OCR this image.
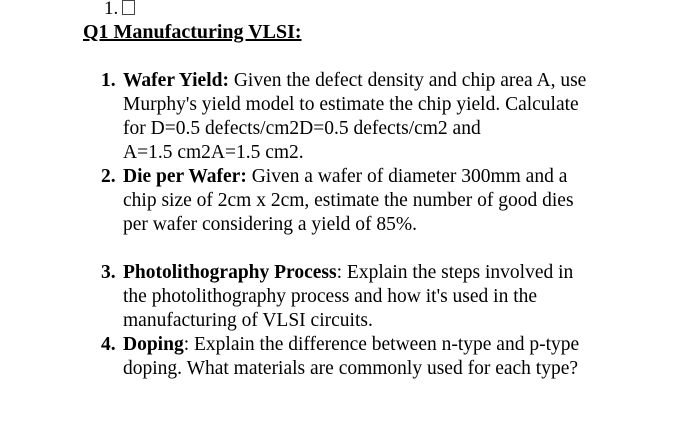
1.
Q1 Manufacturing VLSI:
1. Wafer Yield: Given the defect density and chip area A, use
Murphy's yield model to estimate the chip yield. Calculate
for D=0.5 defects/cm2D=0.5 defects/cm2 and
A=1.5 cm2A=1.5 cm2.
2. Die per Wafer: Given a wafer of diameter 300mm and a
chip size of 2cm x 2cm, estimate the number of good dies
per wafer considering a yield of 85%.
3. Photolithography Process: Explain the steps involved in
the photolithography process and how it's used in the
manufacturing of VLSI circuits.
4. Doping: Explain the difference between n-type and p-type
doping. What materials are commonly used for each type?
